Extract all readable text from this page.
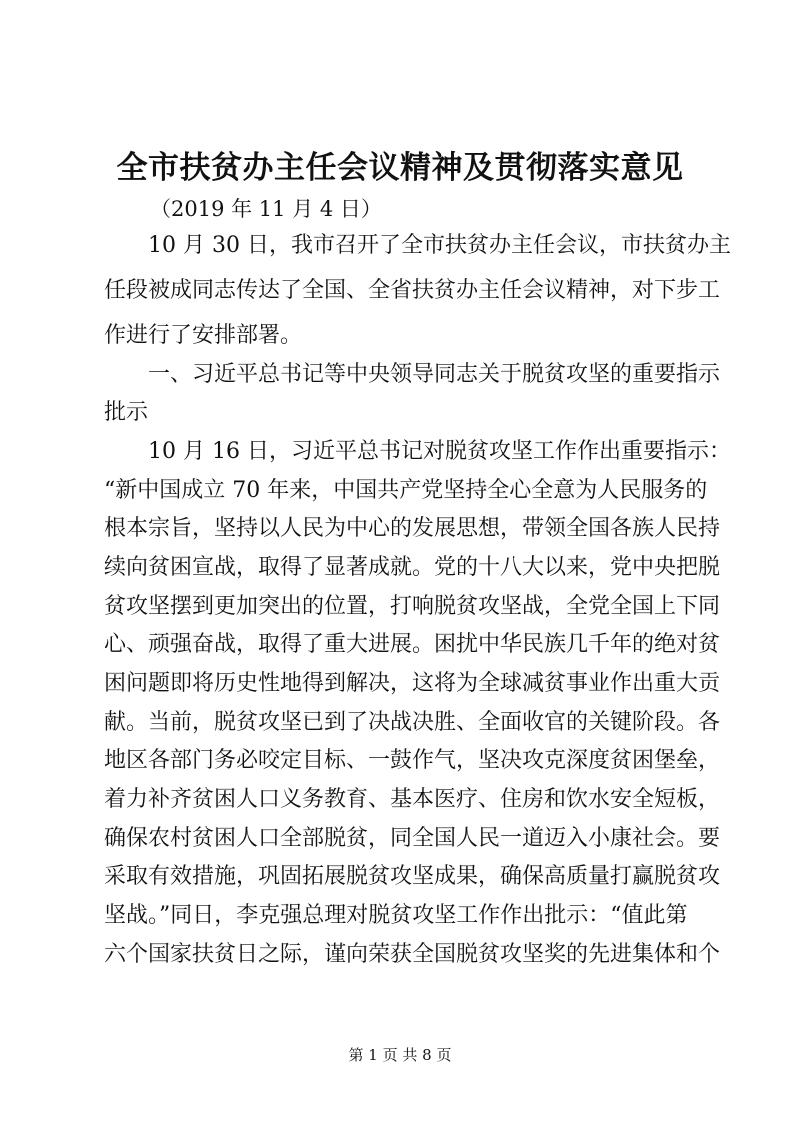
全市扶贫办主任会议精神及贯彻落实意见
（2019 年 11 月 4 日）
10 月 30 日，我市召开了全市扶贫办主任会议，市扶贫办主
任段被成同志传达了全国、全省扶贫办主任会议精神，对下步工
作进行了安排部署。
一、习近平总书记等中央领导同志关于脱贫攻坚的重要指示
批示
10 月 16 日，习近平总书记对脱贫攻坚工作作出重要指示：
“新中国成立 70 年来，中国共产党坚持全心全意为人民服务的
根本宗旨，坚持以人民为中心的发展思想，带领全国各族人民持
续向贫困宣战，取得了显著成就。党的十八大以来，党中央把脱
贫攻坚摆到更加突出的位置，打响脱贫攻坚战，全党全国上下同
心、顽强奋战，取得了重大进展。困扰中华民族几千年的绝对贫
困问题即将历史性地得到解决，这将为全球减贫事业作出重大贡
献。当前，脱贫攻坚已到了决战决胜、全面收官的关键阶段。各
地区各部门务必咬定目标、一鼓作气，坚决攻克深度贫困堡垒，
着力补齐贫困人口义务教育、基本医疗、住房和饮水安全短板，
确保农村贫困人口全部脱贫，同全国人民一道迈入小康社会。要
采取有效措施，巩固拓展脱贫攻坚成果，确保高质量打赢脱贫攻
坚战。”同日，李克强总理对脱贫攻坚工作作出批示：“值此第
六个国家扶贫日之际，谨向荣获全国脱贫攻坚奖的先进集体和个
第 1 页 共 8 页
